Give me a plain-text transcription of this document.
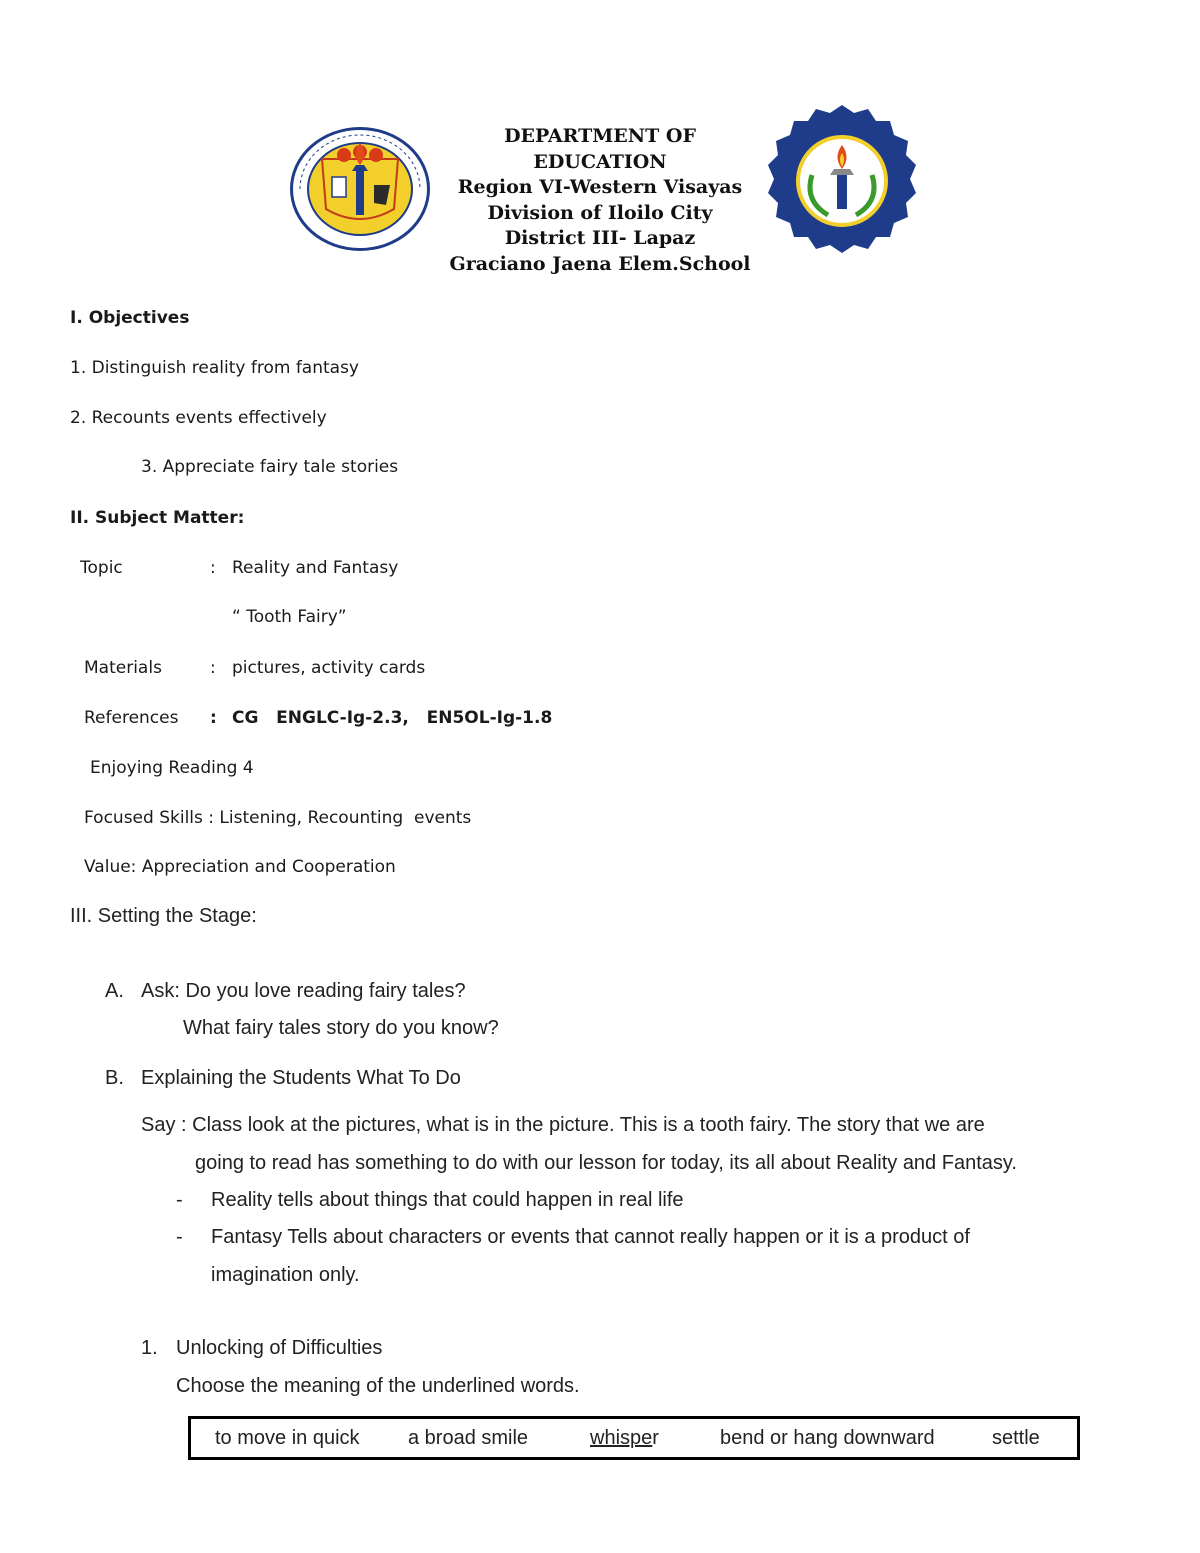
DEPARTMENT OF EDUCATION
Region VI-Western Visayas
Division of Iloilo City
District III- Lapaz
Graciano Jaena Elem.School
I. Objectives
1. Distinguish reality from fantasy
2. Recounts events effectively
3. Appreciate fairy tale stories
II. Subject Matter:
Topic	: Reality and Fantasy
“ Tooth Fairy”
Materials	: pictures, activity cards
References : CG   ENGLC-Ig-2.3,   EN5OL-Ig-1.8
Enjoying Reading 4
Focused Skills : Listening, Recounting  events
Value: Appreciation and Cooperation
III. Setting the Stage:
A. Ask: Do you love reading fairy tales?
What fairy tales story do you know?
B. Explaining the Students What To Do
Say : Class look at the pictures, what is in the picture. This is a tooth fairy. The story that we are
going to read has something to do with our lesson for today, its all about Reality and Fantasy.
- Reality tells about things that could happen in real life
- Fantasy Tells about characters or events that cannot really happen or it is a product of
imagination only.
1. Unlocking of Difficulties
Choose the meaning of the underlined words.
to move in quick a broad smile	whisper	bend or hang downward	settle
